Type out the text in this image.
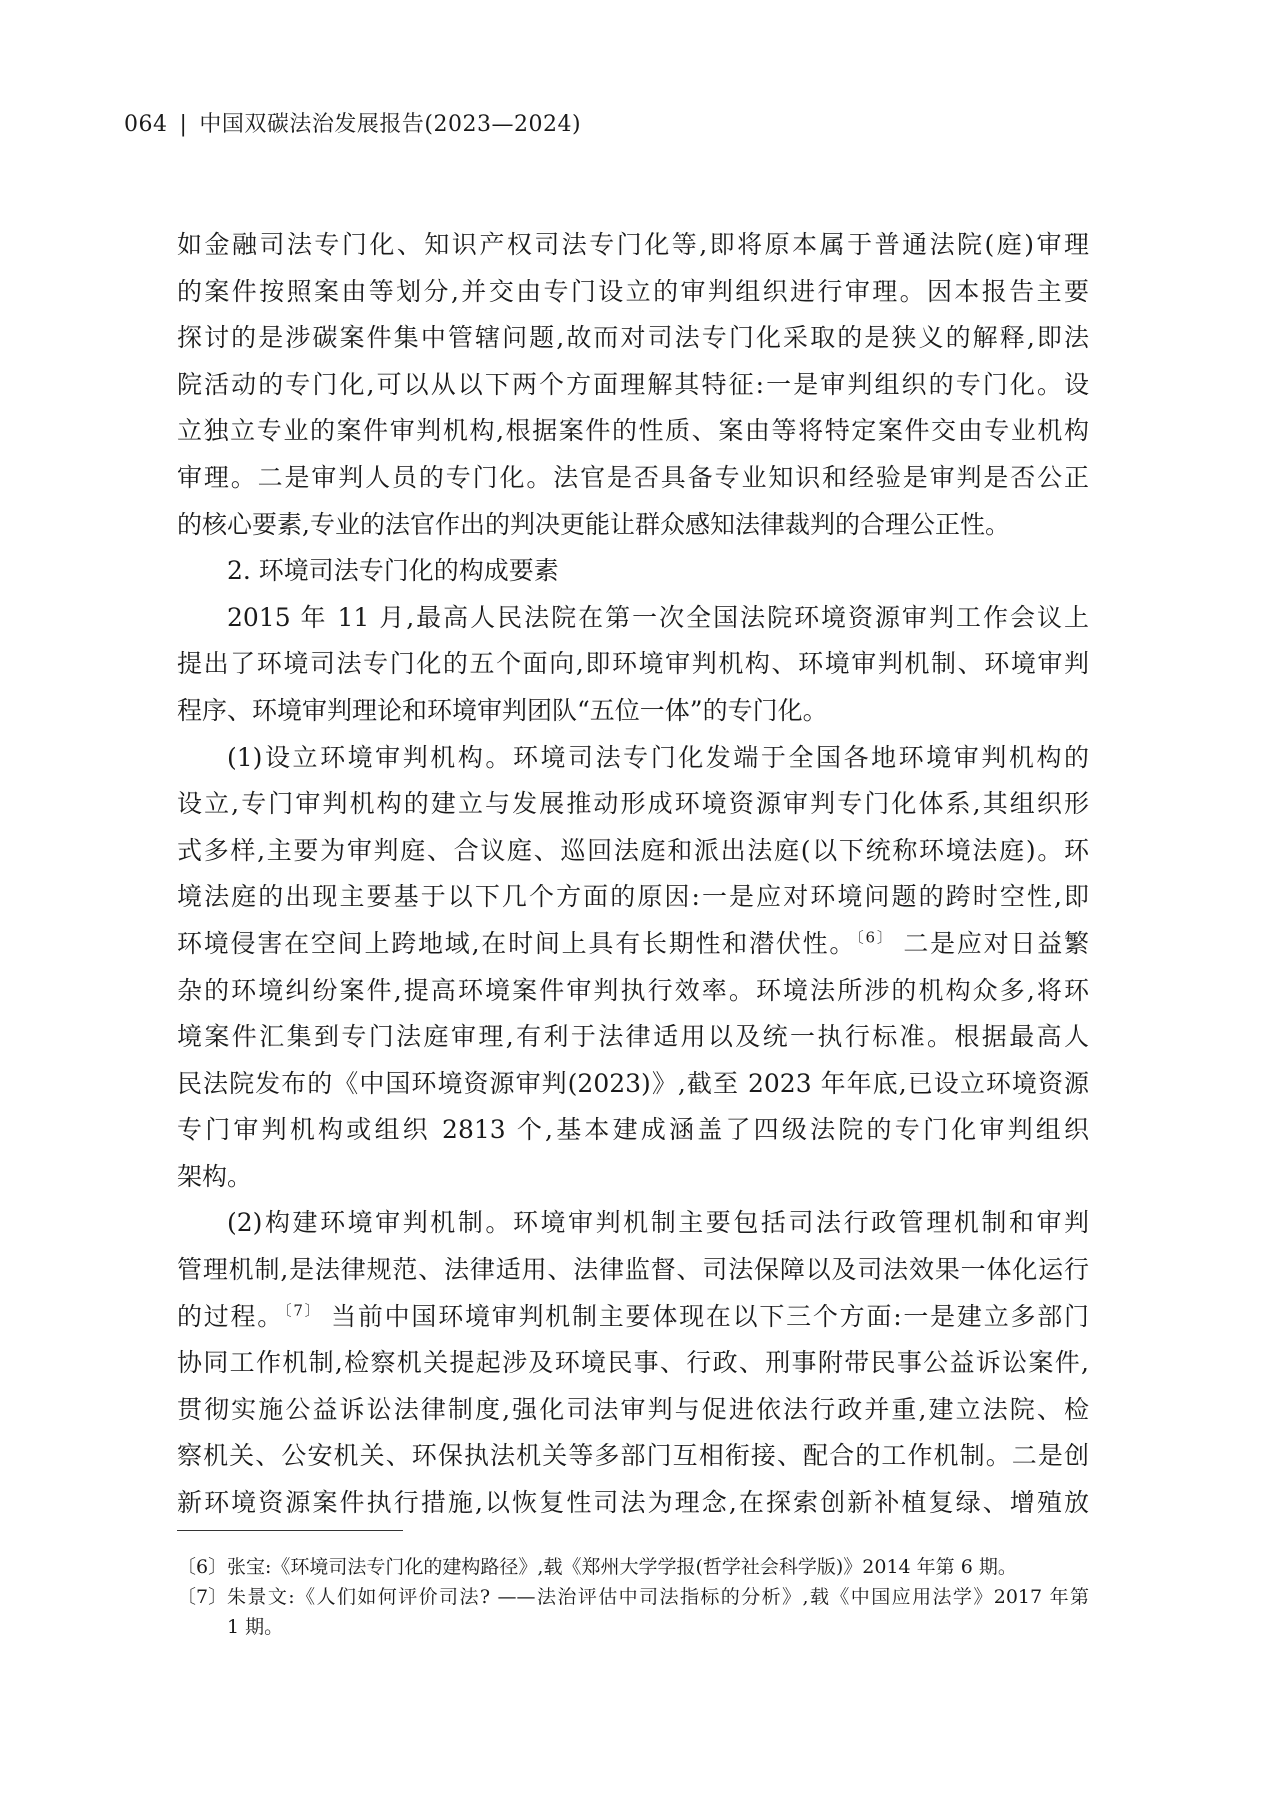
064 | 中国双碳法治发展报告(2023—2024)
如金融司法专门化、知识产权司法专门化等,即将原本属于普通法院(庭)审理
的案件按照案由等划分,并交由专门设立的审判组织进行审理。因本报告主要
探讨的是涉碳案件集中管辖问题,故而对司法专门化采取的是狭义的解释,即法
院活动的专门化,可以从以下两个方面理解其特征:一是审判组织的专门化。设
立独立专业的案件审判机构,根据案件的性质、案由等将特定案件交由专业机构
审理。二是审判人员的专门化。法官是否具备专业知识和经验是审判是否公正
的核心要素,专业的法官作出的判决更能让群众感知法律裁判的合理公正性。
2. 环境司法专门化的构成要素
2015 年 11 月,最高人民法院在第一次全国法院环境资源审判工作会议上
提出了环境司法专门化的五个面向,即环境审判机构、环境审判机制、环境审判
程序、环境审判理论和环境审判团队“五位一体”的专门化。
(1)设立环境审判机构。环境司法专门化发端于全国各地环境审判机构的
设立,专门审判机构的建立与发展推动形成环境资源审判专门化体系,其组织形
式多样,主要为审判庭、合议庭、巡回法庭和派出法庭(以下统称环境法庭)。环
境法庭的出现主要基于以下几个方面的原因:一是应对环境问题的跨时空性,即
环境侵害在空间上跨地域,在时间上具有长期性和潜伏性。$^{〔6〕}$ 二是应对日益繁
杂的环境纠纷案件,提高环境案件审判执行效率。环境法所涉的机构众多,将环
境案件汇集到专门法庭审理,有利于法律适用以及统一执行标准。根据最高人
民法院发布的《中国环境资源审判(2023)》,截至 2023 年年底,已设立环境资源
专门审判机构或组织 2813 个,基本建成涵盖了四级法院的专门化审判组织
架构。
(2)构建环境审判机制。环境审判机制主要包括司法行政管理机制和审判
管理机制,是法律规范、法律适用、法律监督、司法保障以及司法效果一体化运行
的过程。$^{〔7〕}$ 当前中国环境审判机制主要体现在以下三个方面:一是建立多部门
协同工作机制,检察机关提起涉及环境民事、行政、刑事附带民事公益诉讼案件,
贯彻实施公益诉讼法律制度,强化司法审判与促进依法行政并重,建立法院、检
察机关、公安机关、环保执法机关等多部门互相衔接、配合的工作机制。二是创
新环境资源案件执行措施,以恢复性司法为理念,在探索创新补植复绿、增殖放
〔6〕 张宝:《环境司法专门化的建构路径》,载《郑州大学学报(哲学社会科学版)》2014 年第 6 期。
〔7〕 朱景文:《人们如何评价司法? ——法治评估中司法指标的分析》,载《中国应用法学》2017 年第
1 期。
